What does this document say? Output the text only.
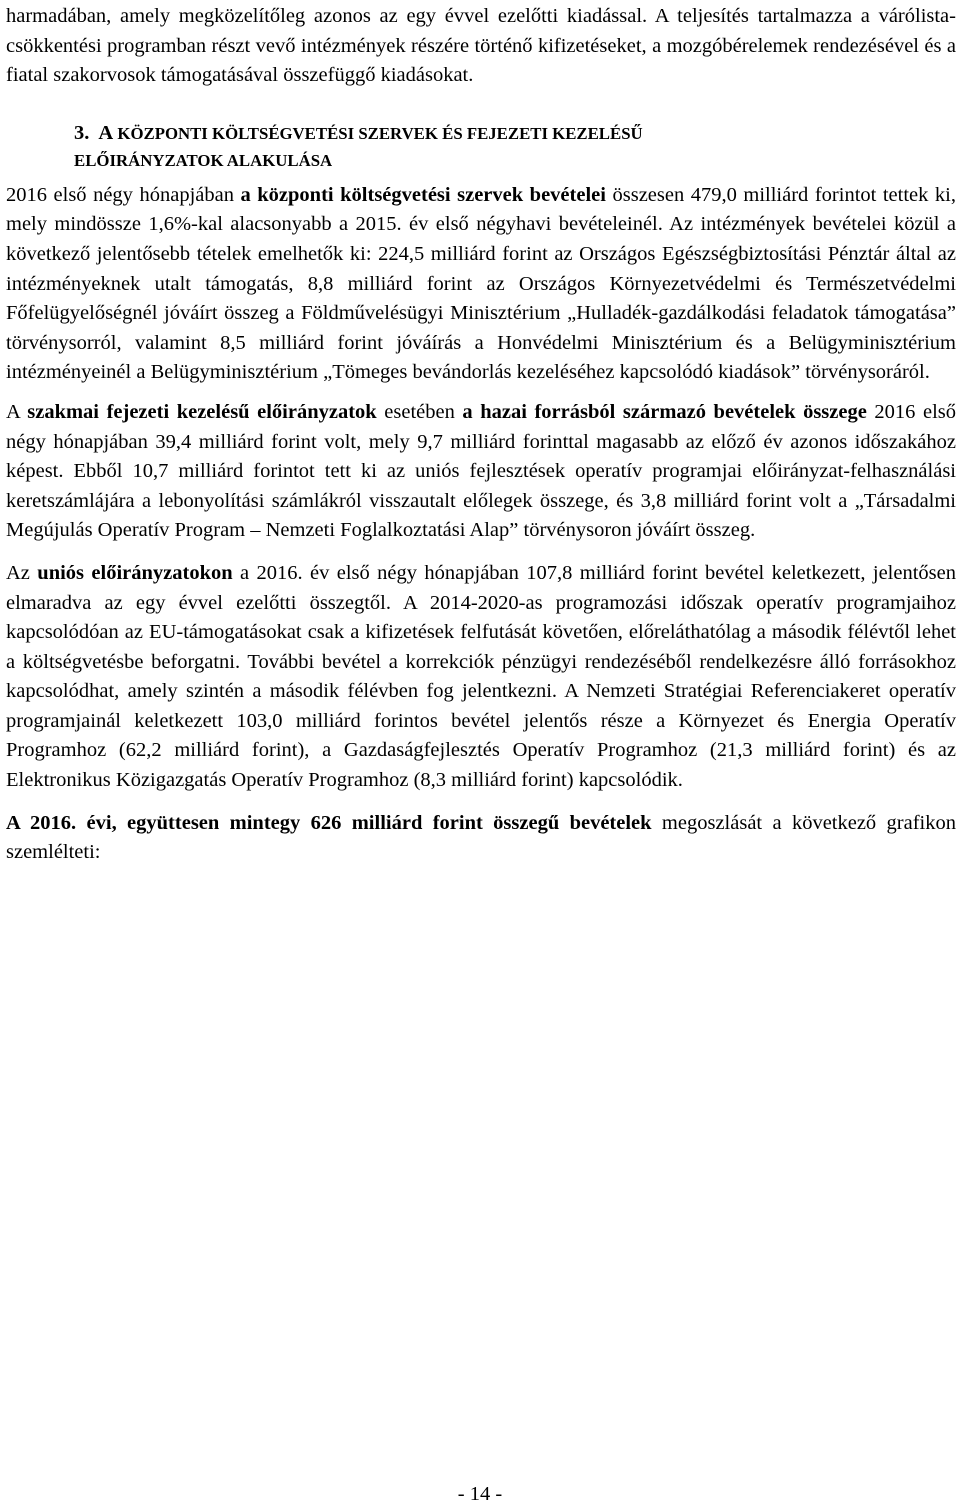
harmadában, amely megközelítőleg azonos az egy évvel ezelőtti kiadással. A teljesítés tartalmazza a várólista-csökkentési programban részt vevő intézmények részére történő kifizetéseket, a mozgóbérelemek rendezésével és a fiatal szakorvosok támogatásával összefüggő kiadásokat.

3. A KÖZPONTI KÖLTSÉGVETÉSI SZERVEK ÉS FEJEZETI KEZELÉSŰ ELŐIRÁNYZATOK ALAKULÁSA

2016 első négy hónapjában a központi költségvetési szervek bevételei összesen 479,0 milliárd forintot tettek ki, mely mindössze 1,6%-kal alacsonyabb a 2015. év első négyhavi bevételeinél. Az intézmények bevételei közül a következő jelentősebb tételek emelhetők ki: 224,5 milliárd forint az Országos Egészségbiztosítási Pénztár által az intézményeknek utalt támogatás, 8,8 milliárd forint az Országos Környezetvédelmi és Természetvédelmi Főfelügyelőségnél jóváírt összeg a Földművelésügyi Minisztérium „Hulladék-gazdálkodási feladatok támogatása” törvénysorról, valamint 8,5 milliárd forint jóváírás a Honvédelmi Minisztérium és a Belügyminisztérium intézményeinél a Belügyminisztérium „Tömeges bevándorlás kezeléséhez kapcsolódó kiadások” törvénysoráról.

A szakmai fejezeti kezelésű előirányzatok esetében a hazai forrásból származó bevételek összege 2016 első négy hónapjában 39,4 milliárd forint volt, mely 9,7 milliárd forinttal magasabb az előző év azonos időszakához képest. Ebből 10,7 milliárd forintot tett ki az uniós fejlesztések operatív programjai előirányzat-felhasználási keretszámlájára a lebonyolítási számlákról visszautalt előlegek összege, és 3,8 milliárd forint volt a „Társadalmi Megújulás Operatív Program – Nemzeti Foglalkoztatási Alap” törvénysoron jóváírt összeg.

Az uniós előirányzatokon a 2016. év első négy hónapjában 107,8 milliárd forint bevétel keletkezett, jelentősen elmaradva az egy évvel ezelőtti összegtől. A 2014-2020-as programozási időszak operatív programjaihoz kapcsolódóan az EU-támogatásokat csak a kifizetések felfutását követően, előreláthatólag a második félévtől lehet a költségvetésbe beforgatni. További bevétel a korrekciók pénzügyi rendezéséből rendelkezésre álló forrásokhoz kapcsolódhat, amely szintén a második félévben fog jelentkezni. A Nemzeti Stratégiai Referenciakeret operatív programjainál keletkezett 103,0 milliárd forintos bevétel jelentős része a Környezet és Energia Operatív Programhoz (62,2 milliárd forint), a Gazdaságfejlesztés Operatív Programhoz (21,3 milliárd forint) és az Elektronikus Közigazgatás Operatív Programhoz (8,3 milliárd forint) kapcsolódik.

A 2016. évi, együttesen mintegy 626 milliárd forint összegű bevételek megoszlását a következő grafikon szemlélteti:

- 14 -
